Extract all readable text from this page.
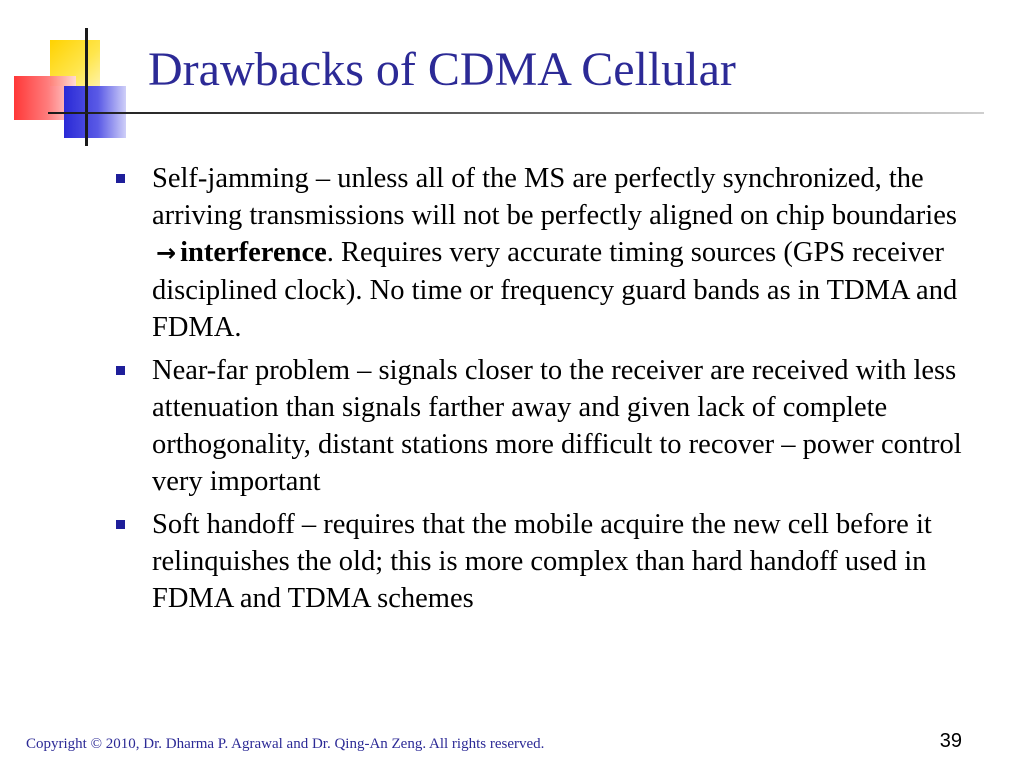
Drawbacks of CDMA Cellular
Self-jamming – unless all of the MS are perfectly synchronized, the arriving transmissions will not be perfectly aligned on chip boundaries → interference. Requires very accurate timing sources (GPS receiver disciplined clock). No time or frequency guard bands as in TDMA and FDMA.
Near-far problem – signals closer to the receiver are received with less attenuation than signals farther away and given lack of complete orthogonality, distant stations more difficult to recover – power control very important
Soft handoff – requires that the mobile acquire the new cell before it relinquishes the old; this is more complex than hard handoff used in FDMA and TDMA schemes
Copyright © 2010, Dr. Dharma P. Agrawal and Dr. Qing-An Zeng. All rights reserved.	39
